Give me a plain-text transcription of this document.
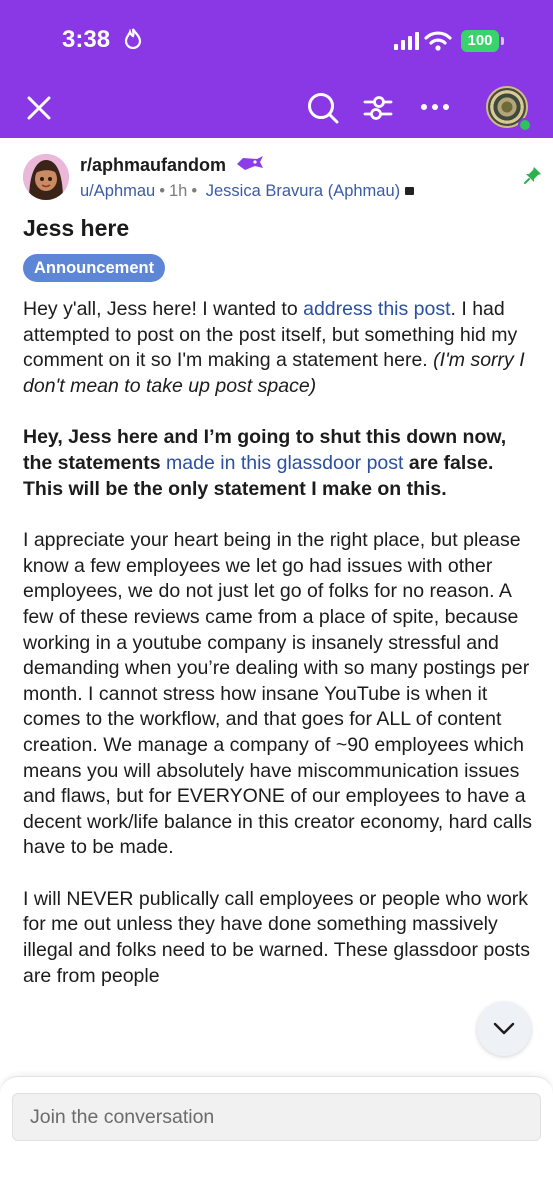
3:38	100
r/aphmaufandom
u/Aphmau • 1h • Jessica Bravura (Aphmau)
Jess here
Announcement

Hey y'all, Jess here! I wanted to address this post. I had attempted to post on the post itself, but something hid my comment on it so I'm making a statement here. (I'm sorry I don't mean to take up post space)

Hey, Jess here and I’m going to shut this down now, the statements made in this glassdoor post are false. This will be the only statement I make on this.

I appreciate your heart being in the right place, but please know a few employees we let go had issues with other employees, we do not just let go of folks for no reason. A few of these reviews came from a place of spite, because working in a youtube company is insanely stressful and demanding when you’re dealing with so many postings per month. I cannot stress how insane YouTube is when it comes to the workflow, and that goes for ALL of content creation. We manage a company of ~90 employees which means you will absolutely have miscommunication issues and flaws, but for EVERYONE of our employees to have a decent work/life balance in this creator economy, hard calls have to be made.

I will NEVER publically call employees or people who work for me out unless they have done something massively illegal and folks need to be warned. These glassdoor posts are from people

Join the conversation
